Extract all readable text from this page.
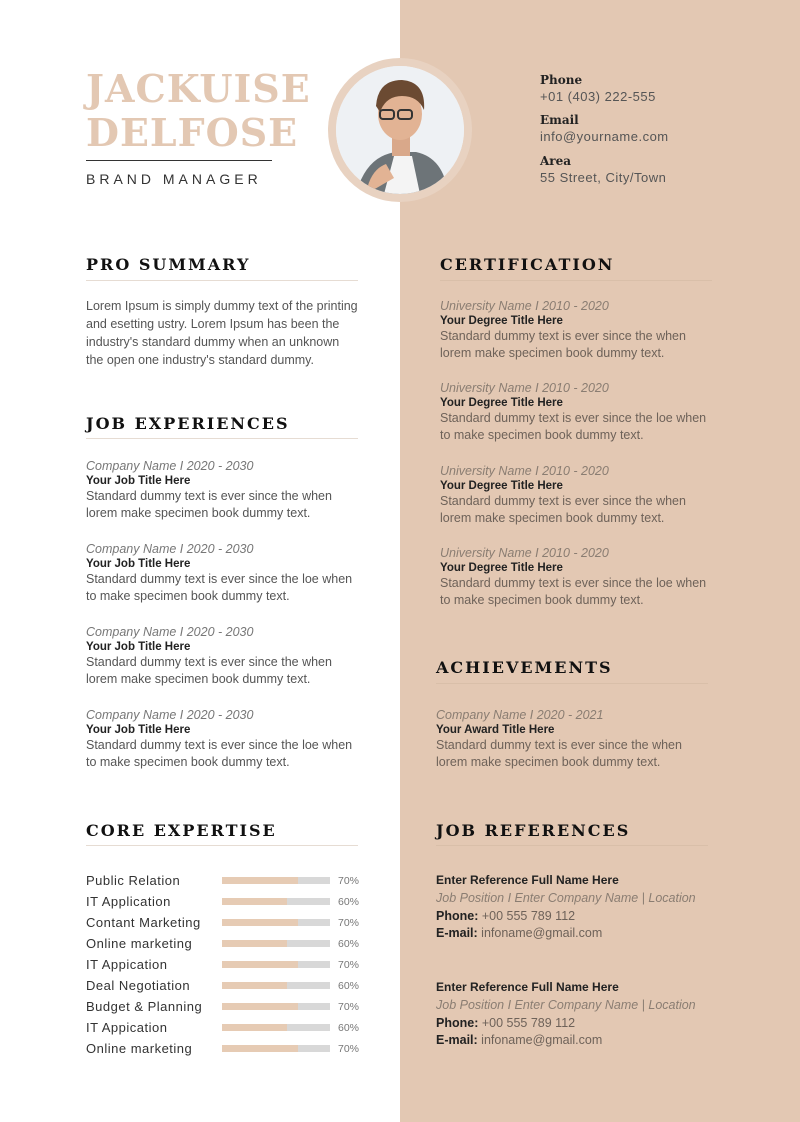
JACKUISE
DELFOSE
BRAND MANAGER
Phone
+01 (403) 222-555
Email
info@yourname.com
Area
55 Street, City/Town
PRO SUMMARY
Lorem Ipsum is simply dummy text of the printing
and esetting ustry. Lorem Ipsum has been the
industry's standard dummy when an unknown
the open one industry's standard dummy.
JOB EXPERIENCES
Company Name I 2020 - 2030
Your Job Title Here
Standard dummy text is ever since the when
lorem make specimen book dummy text.
Company Name I 2020 - 2030
Your Job Title Here
Standard dummy text is ever since the loe when
to make specimen book dummy text.
Company Name I 2020 - 2030
Your Job Title Here
Standard dummy text is ever since the when
lorem make specimen book dummy text.
Company Name I 2020 - 2030
Your Job Title Here
Standard dummy text is ever since the loe when
to make specimen book dummy text.
CORE EXPERTISE
Public Relation	70%
IT Application	60%
Contant Marketing	70%
Online marketing	60%
IT Appication	70%
Deal Negotiation	60%
Budget & Planning	70%
IT Appication	60%
Online marketing	70%
CERTIFICATION
University Name I 2010 - 2020
Your Degree Title Here
Standard dummy text is ever since the when
lorem make specimen book dummy text.
University Name I 2010 - 2020
Your Degree Title Here
Standard dummy text is ever since the loe when
to make specimen book dummy text.
University Name I 2010 - 2020
Your Degree Title Here
Standard dummy text is ever since the when
lorem make specimen book dummy text.
University Name I 2010 - 2020
Your Degree Title Here
Standard dummy text is ever since the loe when
to make specimen book dummy text.
ACHIEVEMENTS
Company Name I 2020 - 2021
Your Award Title Here
Standard dummy text is ever since the when
lorem make specimen book dummy text.
JOB REFERENCES
Enter Reference Full Name Here
Job Position I Enter Company Name | Location
Phone: +00 555 789 112
E-mail: infoname@gmail.com
Enter Reference Full Name Here
Job Position I Enter Company Name | Location
Phone: +00 555 789 112
E-mail: infoname@gmail.com
